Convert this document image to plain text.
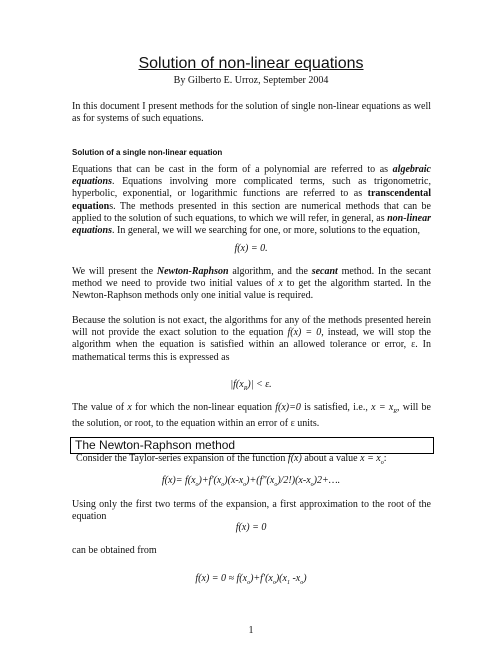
Solution of non-linear equations
By Gilberto E. Urroz, September 2004
In this document I present methods for the solution of single non-linear equations as well as for systems of such equations.
Solution of a single non-linear equation
Equations that can be cast in the form of a polynomial are referred to as algebraic equations. Equations involving more complicated terms, such as trigonometric, hyperbolic, exponential, or logarithmic functions are referred to as transcendental equations. The methods presented in this section are numerical methods that can be applied to the solution of such equations, to which we will refer, in general, as non-linear equations. In general, we will we searching for one, or more, solutions to the equation,
f(x) = 0.
We will present the Newton-Raphson algorithm, and the secant method. In the secant method we need to provide two initial values of x to get the algorithm started. In the Newton-Raphson methods only one initial value is required.
Because the solution is not exact, the algorithms for any of the methods presented herein will not provide the exact solution to the equation f(x) = 0, instead, we will stop the algorithm when the equation is satisfied within an allowed tolerance or error, ε. In mathematical terms this is expressed as
$|f(x_R)| < \varepsilon$.
The value of x for which the non-linear equation f(x)=0 is satisfied, i.e., $x = x_R$, will be the solution, or root, to the equation within an error of ε units.
The Newton-Raphson method
Consider the Taylor-series expansion of the function f(x) about a value $x = x_o$:
$f(x)= f(x_o)+f'(x_o)(x-x_o)+(f"(x_o)/2!)(x-x_o)2+\dots$.
Using only the first two terms of the expansion, a first approximation to the root of the equation
f(x) = 0
can be obtained from
$f(x) = 0 \approx f(x_o)+f'(x_o)(x_1$ $-x_o$)
1
